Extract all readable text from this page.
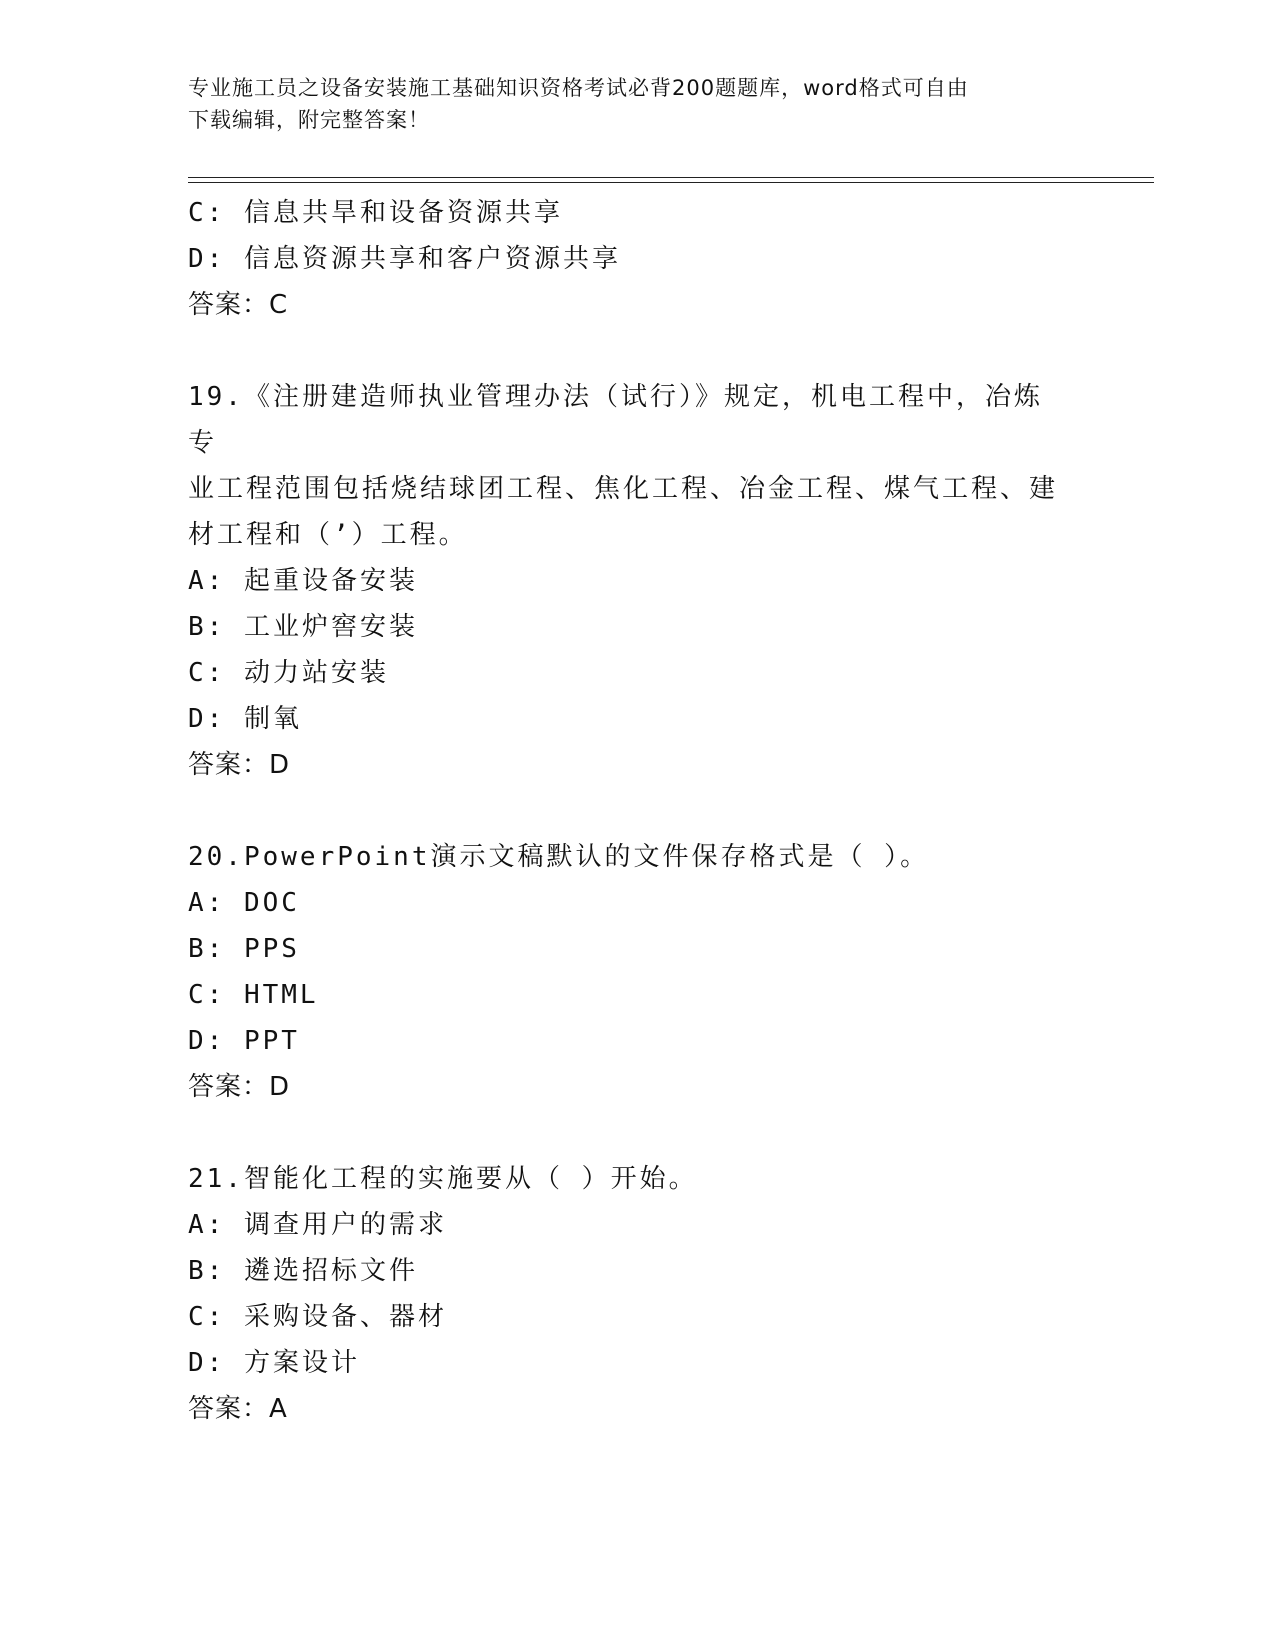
专业施工员之设备安装施工基础知识资格考试必背200题题库，word格式可自由
下载编辑，附完整答案！
C: 信息共旱和设备资源共享
D: 信息资源共享和客户资源共享
答案：C
19.《注册建造师执业管理办法（试行）》规定，机电工程中，冶炼专
业工程范围包括烧结球团工程、焦化工程、冶金工程、煤气工程、建
材工程和（’）工程。
A: 起重设备安装
B: 工业炉窖安装
C: 动力站安装
D: 制氧
答案：D
20.PowerPoint演示文稿默认的文件保存格式是（ ）。
A: DOC
B: PPS
C: HTML
D: PPT
答案：D
21.智能化工程的实施要从（ ）开始。
A: 调查用户的需求
B: 遴选招标文件
C: 采购设备、器材
D: 方案设计
答案：A
